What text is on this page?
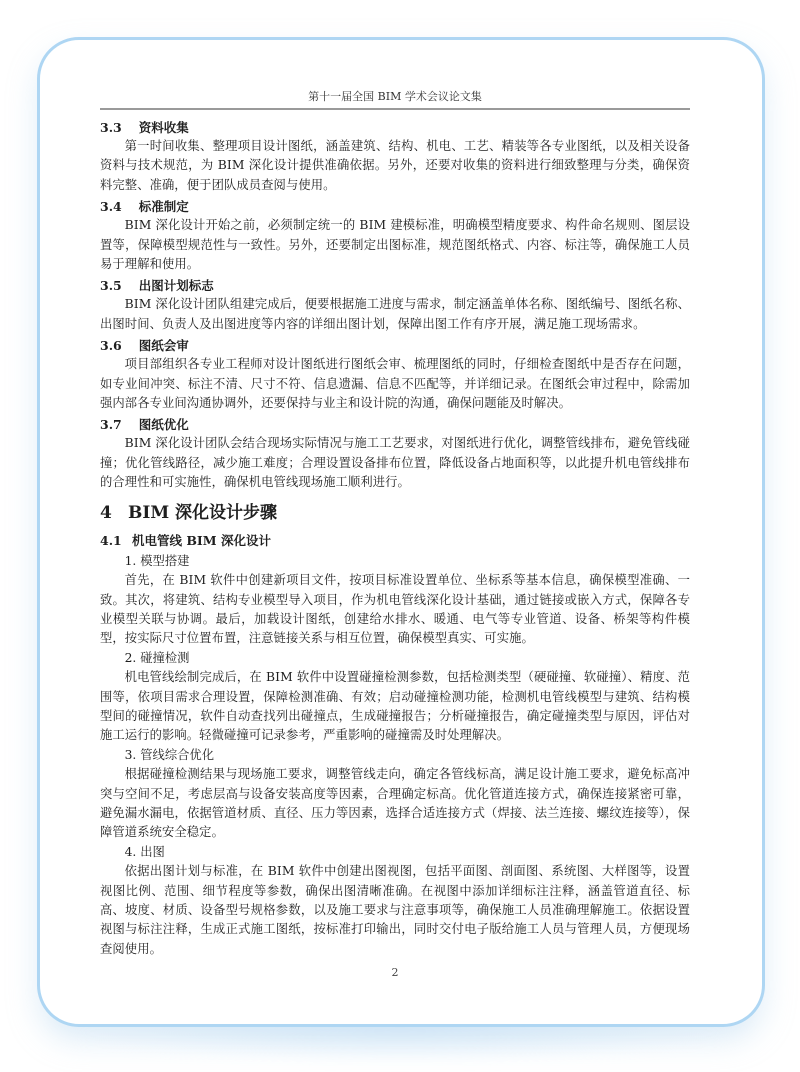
第十一届全国 BIM 学术会议论文集

3.3 资料收集

第一时间收集、整理项目设计图纸，涵盖建筑、结构、机电、工艺、精装等各专业图纸，以及相关设备资料与技术规范，为 BIM 深化设计提供准确依据。另外，还要对收集的资料进行细致整理与分类，确保资料完整、准确，便于团队成员查阅与使用。

3.4 标准制定

BIM 深化设计开始之前，必须制定统一的 BIM 建模标准，明确模型精度要求、构件命名规则、图层设置等，保障模型规范性与一致性。另外，还要制定出图标准，规范图纸格式、内容、标注等，确保施工人员易于理解和使用。

3.5 出图计划标志

BIM 深化设计团队组建完成后，便要根据施工进度与需求，制定涵盖单体名称、图纸编号、图纸名称、出图时间、负责人及出图进度等内容的详细出图计划，保障出图工作有序开展，满足施工现场需求。

3.6 图纸会审

项目部组织各专业工程师对设计图纸进行图纸会审、梳理图纸的同时，仔细检查图纸中是否存在问题，如专业间冲突、标注不清、尺寸不符、信息遗漏、信息不匹配等，并详细记录。在图纸会审过程中，除需加强内部各专业间沟通协调外，还要保持与业主和设计院的沟通，确保问题能及时解决。

3.7 图纸优化

BIM 深化设计团队会结合现场实际情况与施工工艺要求，对图纸进行优化，调整管线排布，避免管线碰撞；优化管线路径，减少施工难度；合理设置设备排布位置，降低设备占地面积等，以此提升机电管线排布的合理性和可实施性，确保机电管线现场施工顺利进行。

4 BIM 深化设计步骤

4.1 机电管线 BIM 深化设计

1. 模型搭建

首先，在 BIM 软件中创建新项目文件，按项目标准设置单位、坐标系等基本信息，确保模型准确、一致。其次，将建筑、结构专业模型导入项目，作为机电管线深化设计基础，通过链接或嵌入方式，保障各专业模型关联与协调。最后，加载设计图纸，创建给水排水、暖通、电气等专业管道、设备、桥架等构件模型，按实际尺寸位置布置，注意链接关系与相互位置，确保模型真实、可实施。

2. 碰撞检测

机电管线绘制完成后，在 BIM 软件中设置碰撞检测参数，包括检测类型（硬碰撞、软碰撞）、精度、范围等，依项目需求合理设置，保障检测准确、有效；启动碰撞检测功能，检测机电管线模型与建筑、结构模型间的碰撞情况，软件自动查找列出碰撞点，生成碰撞报告；分析碰撞报告，确定碰撞类型与原因，评估对施工运行的影响。轻微碰撞可记录参考，严重影响的碰撞需及时处理解决。

3. 管线综合优化

根据碰撞检测结果与现场施工要求，调整管线走向，确定各管线标高，满足设计施工要求，避免标高冲突与空间不足，考虑层高与设备安装高度等因素，合理确定标高。优化管道连接方式，确保连接紧密可靠，避免漏水漏电，依据管道材质、直径、压力等因素，选择合适连接方式（焊接、法兰连接、螺纹连接等），保障管道系统安全稳定。

4. 出图

依据出图计划与标准，在 BIM 软件中创建出图视图，包括平面图、剖面图、系统图、大样图等，设置视图比例、范围、细节程度等参数，确保出图清晰准确。在视图中添加详细标注注释，涵盖管道直径、标高、坡度、材质、设备型号规格参数，以及施工要求与注意事项等，确保施工人员准确理解施工。依据设置视图与标注注释，生成正式施工图纸，按标准打印输出，同时交付电子版给施工人员与管理人员，方便现场查阅使用。

2
